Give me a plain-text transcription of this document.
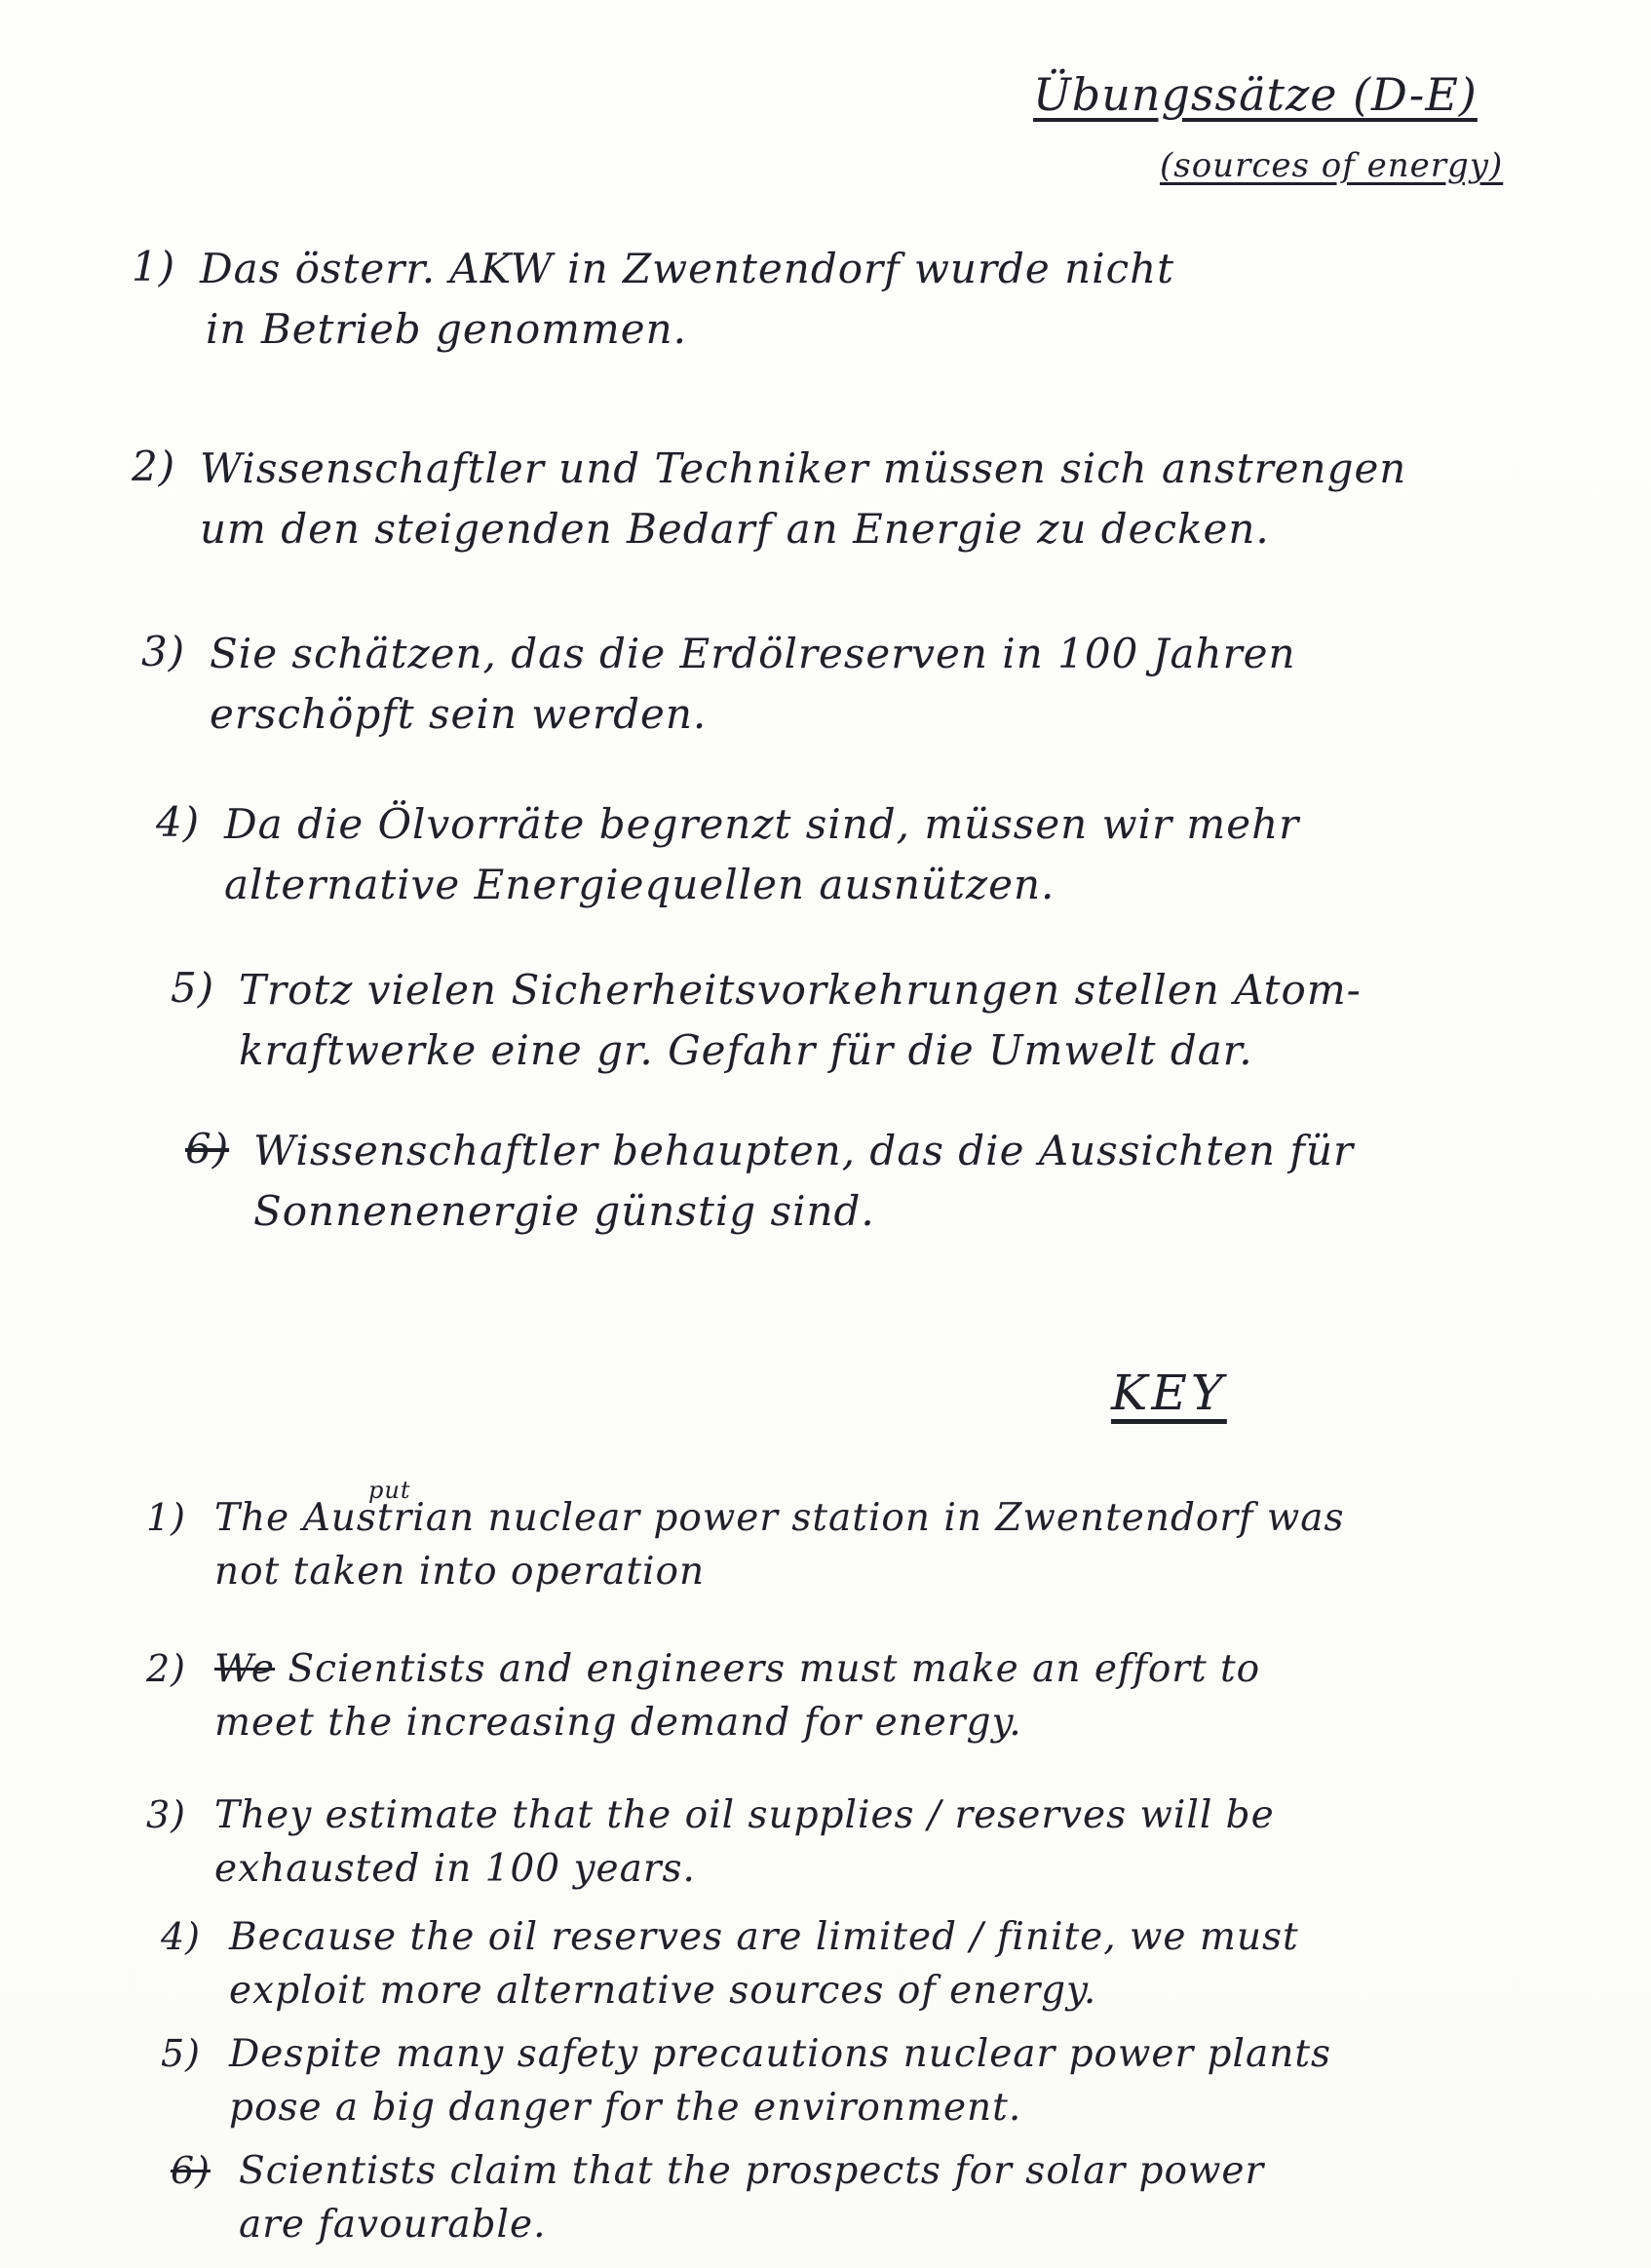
Übungssätze (D-E)
(sources of energy)
1) Das österr. AKW in Zwentendorf wurde nicht
in Betrieb genommen.
2) Wissenschaftler und Techniker müssen sich anstrengen
um den steigenden Bedarf an Energie zu decken.
3) Sie schätzen, das die Erdölreserven in 100 Jahren
erschöpft sein werden.
4) Da die Ölvorräte begrenzt sind, müssen wir mehr
alternative Energiequellen ausnützen.
5) Trotz vielen Sicherheitsvorkehrungen stellen Atom-
kraftwerke eine gr. Gefahr für die Umwelt dar.
6) Wissenschaftler behaupten, das die Aussichten für
Sonnenenergie günstig sind.
KEY
put
1) The Austrian nuclear power station in Zwentendorf was
not taken into operation
2) We Scientists and engineers must make an effort to
meet the increasing demand for energy.
3) They estimate that the oil supplies / reserves will be
exhausted in 100 years.
4) Because the oil reserves are limited / finite, we must
exploit more alternative sources of energy.
5) Despite many safety precautions nuclear power plants
pose a big danger for the environment.
6) Scientists claim that the prospects for solar power
are favourable.
